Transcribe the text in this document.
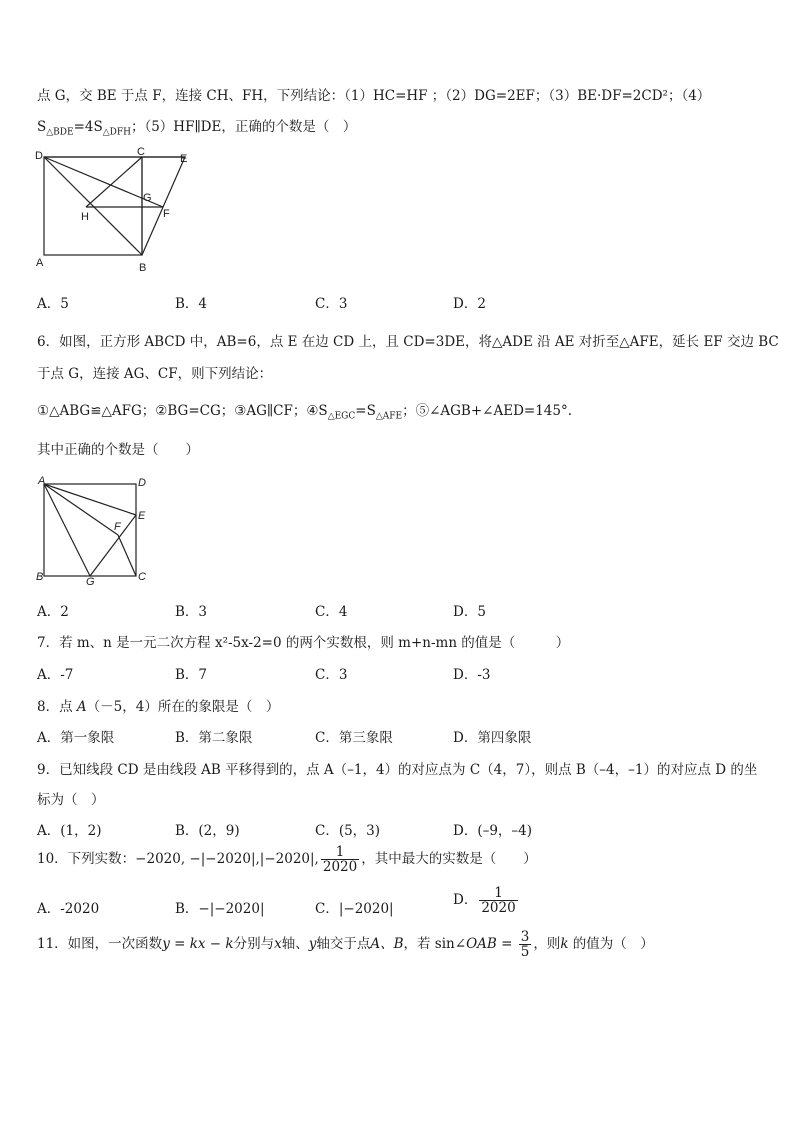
点 G，交 BE 于点 F，连接 CH、FH，下列结论：（1）HC=HF ；（2）DG=2EF；（3）BE·DF=2CD²；（4）
$S_{\triangle BDE}=4S_{\triangle DFH}$；（5）HF∥DE，正确的个数是（　）
D	C
E
G
H	F
A	B
A．5	B．4	C．3	D．2
6．如图，正方形 ABCD 中，AB=6，点 E 在边 CD 上，且 CD=3DE，将△ADE 沿 AE 对折至△AFE，延长 EF 交边 BC
于点 G，连接 AG、CF，则下列结论：
①△ABG≌△AFG；②BG=CG；③AG∥CF；$④S_{\triangle EGC}=S_{\triangle AFE}$；⑤∠AGB+∠AED=145°.
其中正确的个数是（　　）
A	D
E
F
B	G	C
A．2	B．3	C．4	D．5
7．若 m、n 是一元二次方程 x²-5x-2=0 的两个实数根，则 m+n-mn 的值是（　　　）
A．-7	B．7	C．3	D．-3
8．点 A（－5，4）所在的象限是（　）
A．第一象限	B．第二象限	C．第三象限	D．第四象限
9．已知线段 CD 是由线段 AB 平移得到的，点 A（–1，4）的对应点为 C（4，7），则点 B（–4，–1）的对应点 D 的坐
标为（　）
A．(1，2)	B．(2，9)	C．(5，3)	D．(–9，–4)
10．下列实数：−2020, −|−2020|,|−2020|, $\frac{1}{2020}$ ，其中最大的实数是（　　）
A．-2020	B．−|−2020|	C．|−2020|
D． $\frac{1}{2020}$
11．如图，一次函数y = kx − k分别与x轴、y轴交于点A、B，若 sin∠OAB = $\frac{3}{5}$ ，则k 的值为（　）
